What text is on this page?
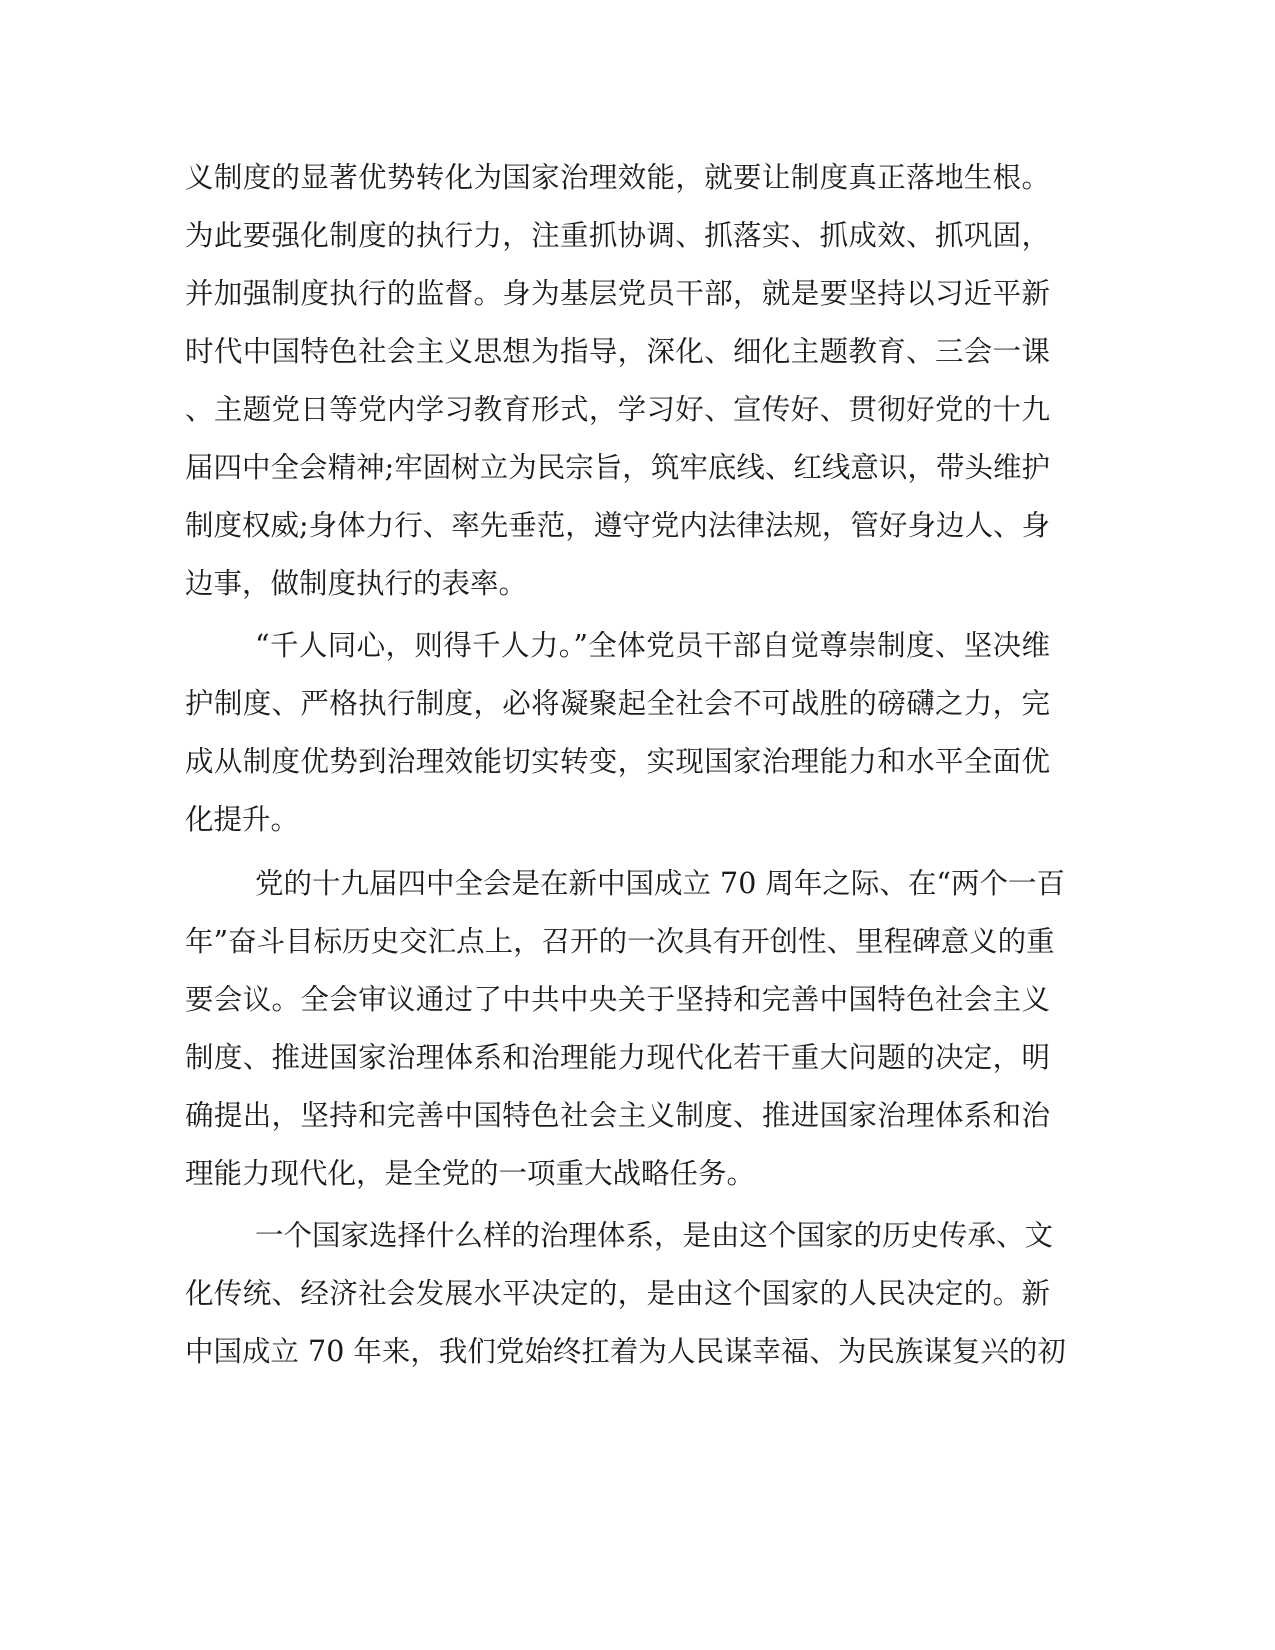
义制度的显著优势转化为国家治理效能，就要让制度真正落地生根。
为此要强化制度的执行力，注重抓协调、抓落实、抓成效、抓巩固，
并加强制度执行的监督。身为基层党员干部，就是要坚持以习近平新
时代中国特色社会主义思想为指导，深化、细化主题教育、三会一课
、主题党日等党内学习教育形式，学习好、宣传好、贯彻好党的十九
届四中全会精神;牢固树立为民宗旨，筑牢底线、红线意识，带头维护
制度权威;身体力行、率先垂范，遵守党内法律法规，管好身边人、身
边事，做制度执行的表率。
“千人同心，则得千人力。”全体党员干部自觉尊崇制度、坚决维
护制度、严格执行制度，必将凝聚起全社会不可战胜的磅礴之力，完
成从制度优势到治理效能切实转变，实现国家治理能力和水平全面优
化提升。
党的十九届四中全会是在新中国成立 70 周年之际、在“两个一百
年”奋斗目标历史交汇点上，召开的一次具有开创性、里程碑意义的重
要会议。全会审议通过了中共中央关于坚持和完善中国特色社会主义
制度、推进国家治理体系和治理能力现代化若干重大问题的决定，明
确提出，坚持和完善中国特色社会主义制度、推进国家治理体系和治
理能力现代化，是全党的一项重大战略任务。
一个国家选择什么样的治理体系，是由这个国家的历史传承、文
化传统、经济社会发展水平决定的，是由这个国家的人民决定的。新
中国成立 70 年来，我们党始终扛着为人民谋幸福、为民族谋复兴的初
